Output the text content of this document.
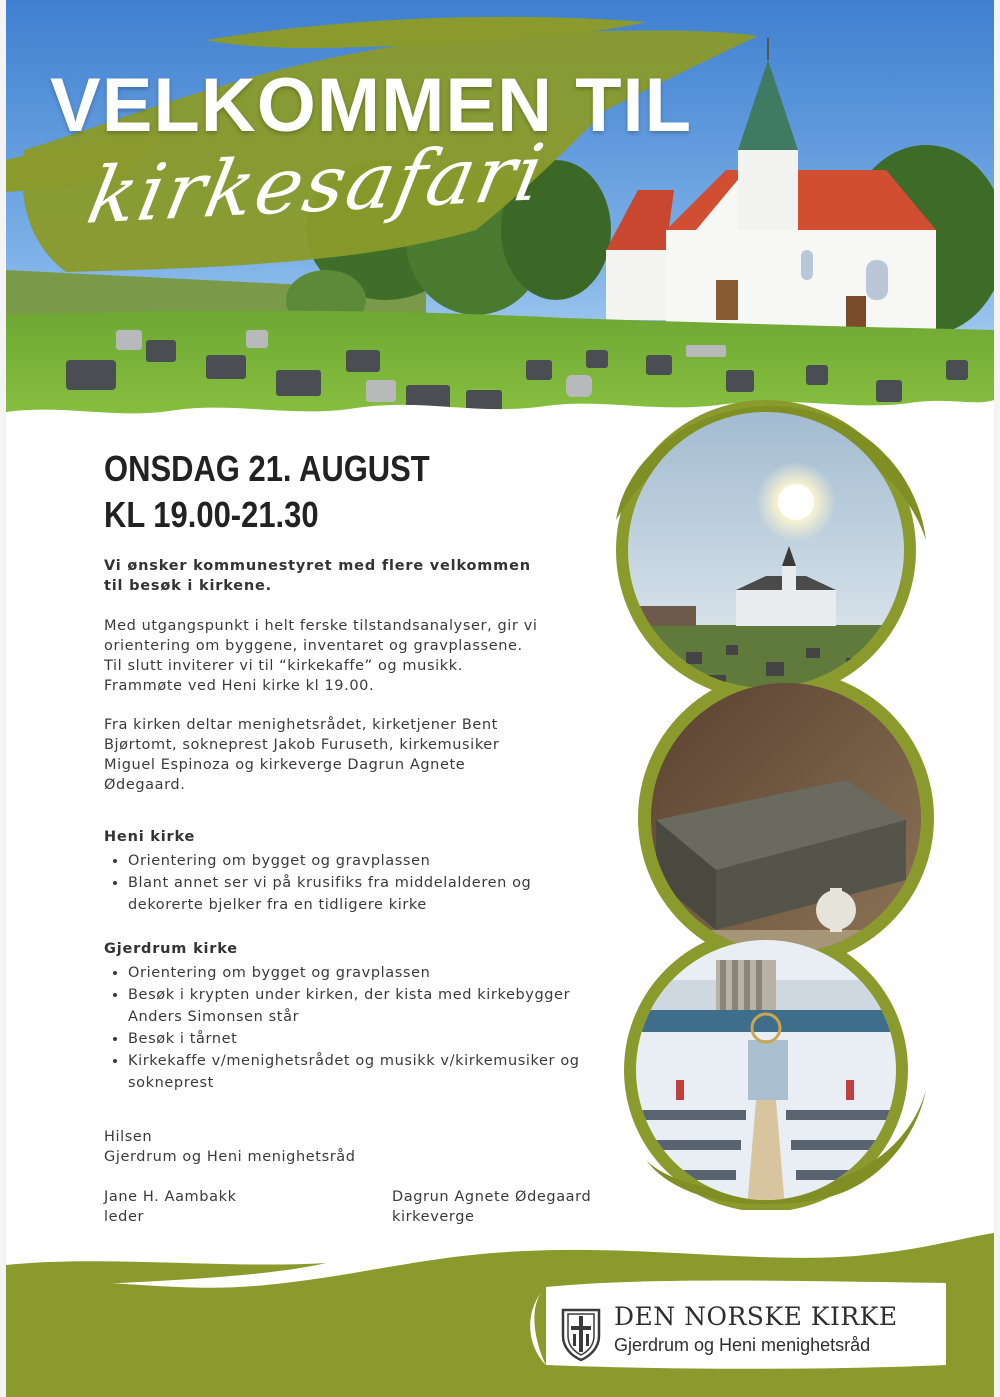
VELKOMMEN TIL
kirkesafari
ONSDAG 21. AUGUST
KL 19.00-21.30
Vi ønsker kommunestyret med flere velkommen til besøk i kirkene.
Med utgangspunkt i helt ferske tilstandsanalyser, gir vi orientering om byggene, inventaret og gravplassene. Til slutt inviterer vi til “kirkekaffe” og musikk. Frammøte ved Heni kirke kl 19.00.
Fra kirken deltar menighetsrådet, kirketjener Bent Bjørtomt, sokneprest Jakob Furuseth, kirkemusiker Miguel Espinoza og kirkeverge Dagrun Agnete Ødegaard.
Heni kirke
• Orientering om bygget og gravplassen
• Blant annet ser vi på krusifiks fra middelalderen og dekorerte bjelker fra en tidligere kirke
Gjerdrum kirke
• Orientering om bygget og gravplassen
• Besøk i krypten under kirken, der kista med kirkebygger Anders Simonsen står
• Besøk i tårnet
• Kirkekaffe v/menighetsrådet og musikk v/kirkemusiker og sokneprest
Hilsen
Gjerdrum og Heni menighetsråd
Jane H. Aambakk
leder
Dagrun Agnete Ødegaard
kirkeverge
DEN NORSKE KIRKE
Gjerdrum og Heni menighetsråd
